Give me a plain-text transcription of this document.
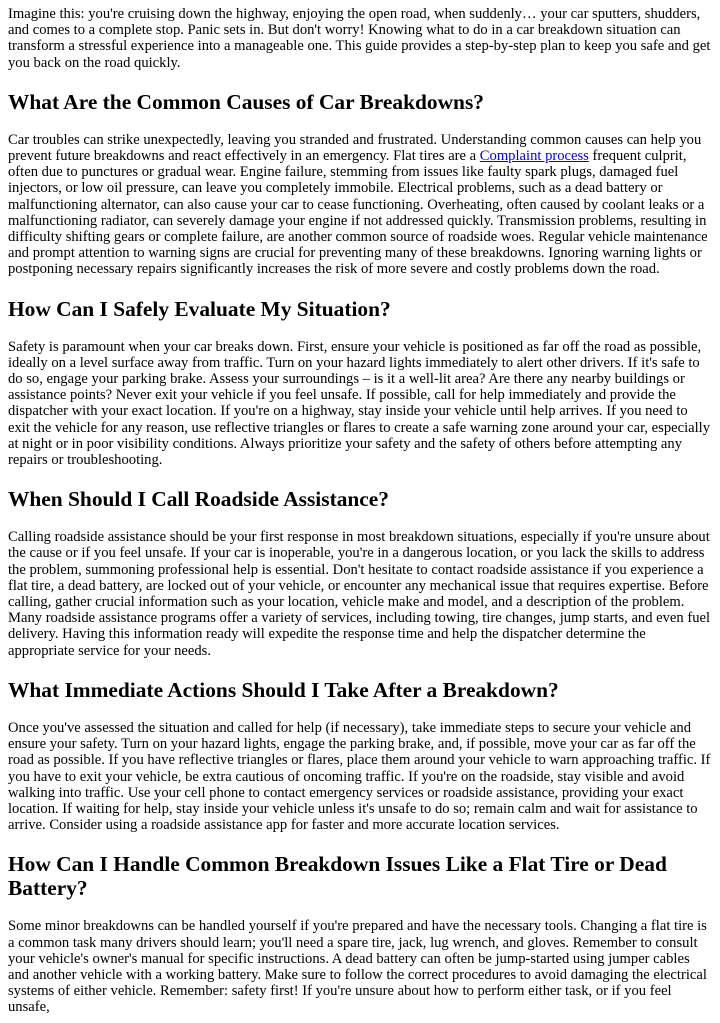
Imagine this: you're cruising down the highway, enjoying the open road, when suddenly… your car sputters, shudders, and comes to a complete stop. Panic sets in. But don't worry! Knowing what to do in a car breakdown situation can transform a stressful experience into a manageable one. This guide provides a step-by-step plan to keep you safe and get you back on the road quickly.

What Are the Common Causes of Car Breakdowns?

Car troubles can strike unexpectedly, leaving you stranded and frustrated. Understanding common causes can help you prevent future breakdowns and react effectively in an emergency. Flat tires are a Complaint process frequent culprit, often due to punctures or gradual wear. Engine failure, stemming from issues like faulty spark plugs, damaged fuel injectors, or low oil pressure, can leave you completely immobile. Electrical problems, such as a dead battery or malfunctioning alternator, can also cause your car to cease functioning. Overheating, often caused by coolant leaks or a malfunctioning radiator, can severely damage your engine if not addressed quickly. Transmission problems, resulting in difficulty shifting gears or complete failure, are another common source of roadside woes. Regular vehicle maintenance and prompt attention to warning signs are crucial for preventing many of these breakdowns. Ignoring warning lights or postponing necessary repairs significantly increases the risk of more severe and costly problems down the road.

How Can I Safely Evaluate My Situation?

Safety is paramount when your car breaks down. First, ensure your vehicle is positioned as far off the road as possible, ideally on a level surface away from traffic. Turn on your hazard lights immediately to alert other drivers. If it's safe to do so, engage your parking brake. Assess your surroundings – is it a well-lit area? Are there any nearby buildings or assistance points? Never exit your vehicle if you feel unsafe. If possible, call for help immediately and provide the dispatcher with your exact location. If you're on a highway, stay inside your vehicle until help arrives. If you need to exit the vehicle for any reason, use reflective triangles or flares to create a safe warning zone around your car, especially at night or in poor visibility conditions. Always prioritize your safety and the safety of others before attempting any repairs or troubleshooting.

When Should I Call Roadside Assistance?

Calling roadside assistance should be your first response in most breakdown situations, especially if you're unsure about the cause or if you feel unsafe. If your car is inoperable, you're in a dangerous location, or you lack the skills to address the problem, summoning professional help is essential. Don't hesitate to contact roadside assistance if you experience a flat tire, a dead battery, are locked out of your vehicle, or encounter any mechanical issue that requires expertise. Before calling, gather crucial information such as your location, vehicle make and model, and a description of the problem. Many roadside assistance programs offer a variety of services, including towing, tire changes, jump starts, and even fuel delivery. Having this information ready will expedite the response time and help the dispatcher determine the appropriate service for your needs.

What Immediate Actions Should I Take After a Breakdown?

Once you've assessed the situation and called for help (if necessary), take immediate steps to secure your vehicle and ensure your safety. Turn on your hazard lights, engage the parking brake, and, if possible, move your car as far off the road as possible. If you have reflective triangles or flares, place them around your vehicle to warn approaching traffic. If you have to exit your vehicle, be extra cautious of oncoming traffic. If you're on the roadside, stay visible and avoid walking into traffic. Use your cell phone to contact emergency services or roadside assistance, providing your exact location. If waiting for help, stay inside your vehicle unless it's unsafe to do so; remain calm and wait for assistance to arrive. Consider using a roadside assistance app for faster and more accurate location services.

How Can I Handle Common Breakdown Issues Like a Flat Tire or Dead Battery?

Some minor breakdowns can be handled yourself if you're prepared and have the necessary tools. Changing a flat tire is a common task many drivers should learn; you'll need a spare tire, jack, lug wrench, and gloves. Remember to consult your vehicle's owner's manual for specific instructions. A dead battery can often be jump-started using jumper cables and another vehicle with a working battery. Make sure to follow the correct procedures to avoid damaging the electrical systems of either vehicle. Remember: safety first! If you're unsure about how to perform either task, or if you feel unsafe,
